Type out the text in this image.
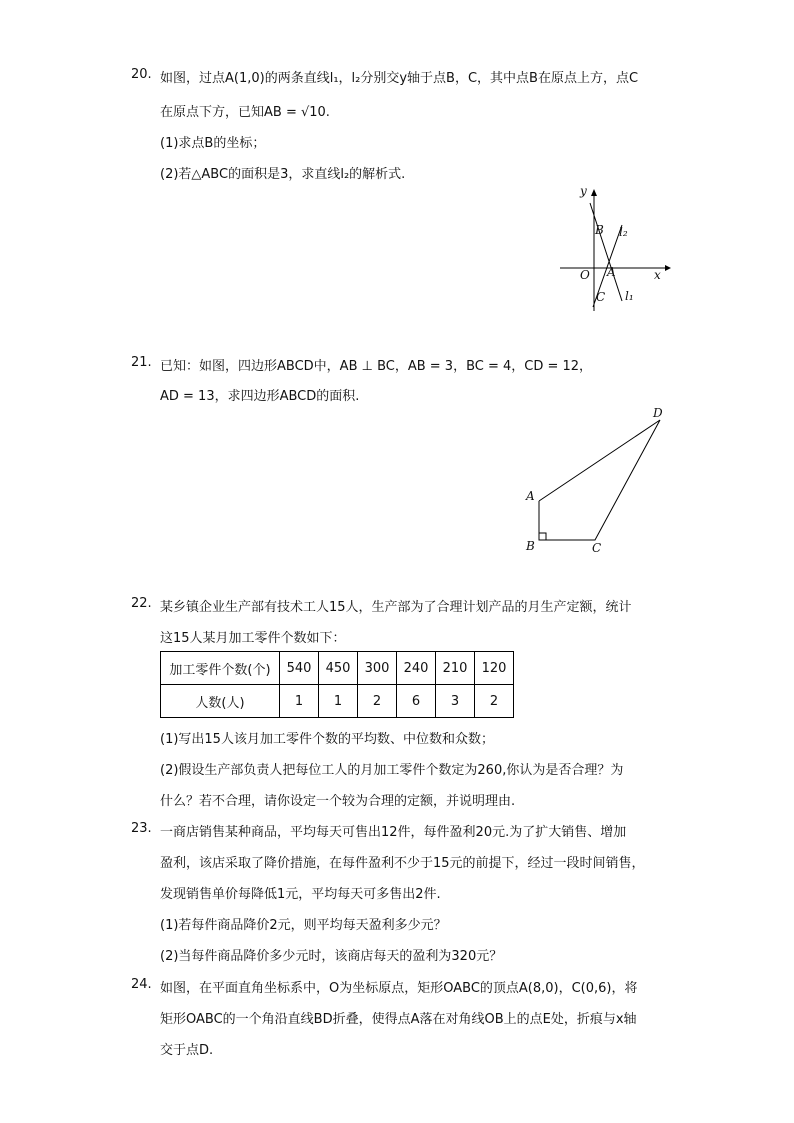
20. 如图，过点A(1,0)的两条直线l₁，l₂分别交y轴于点B，C，其中点B在原点上方，点C
在原点下方，已知AB = √10.
(1)求点B的坐标；
(2)若△ABC的面积是3，求直线l₂的解析式.
y
x
B l₂
O A
C l₁
21. 已知：如图，四边形ABCD中，AB ⊥ BC，AB = 3，BC = 4，CD = 12，
AD = 13，求四边形ABCD的面积.
D
A
B	C
22. 某乡镇企业生产部有技术工人15人，生产部为了合理计划产品的月生产定额，统计
这15人某月加工零件个数如下：
加工零件个数(个)	540	450	300	240	210	120
人数(人)	1	1	2	6	3	2
(1)写出15人该月加工零件个数的平均数、中位数和众数；
(2)假设生产部负责人把每位工人的月加工零件个数定为260,你认为是否合理？为
什么？若不合理，请你设定一个较为合理的定额，并说明理由.
23. 一商店销售某种商品，平均每天可售出12件，每件盈利20元.为了扩大销售、增加
盈利，该店采取了降价措施，在每件盈利不少于15元的前提下，经过一段时间销售，
发现销售单价每降低1元，平均每天可多售出2件.
(1)若每件商品降价2元，则平均每天盈利多少元？
(2)当每件商品降价多少元时，该商店每天的盈利为320元？
24. 如图，在平面直角坐标系中，O为坐标原点，矩形OABC的顶点A(8,0)，C(0,6)，将
矩形OABC的一个角沿直线BD折叠，使得点A落在对角线OB上的点E处，折痕与x轴
交于点D.
